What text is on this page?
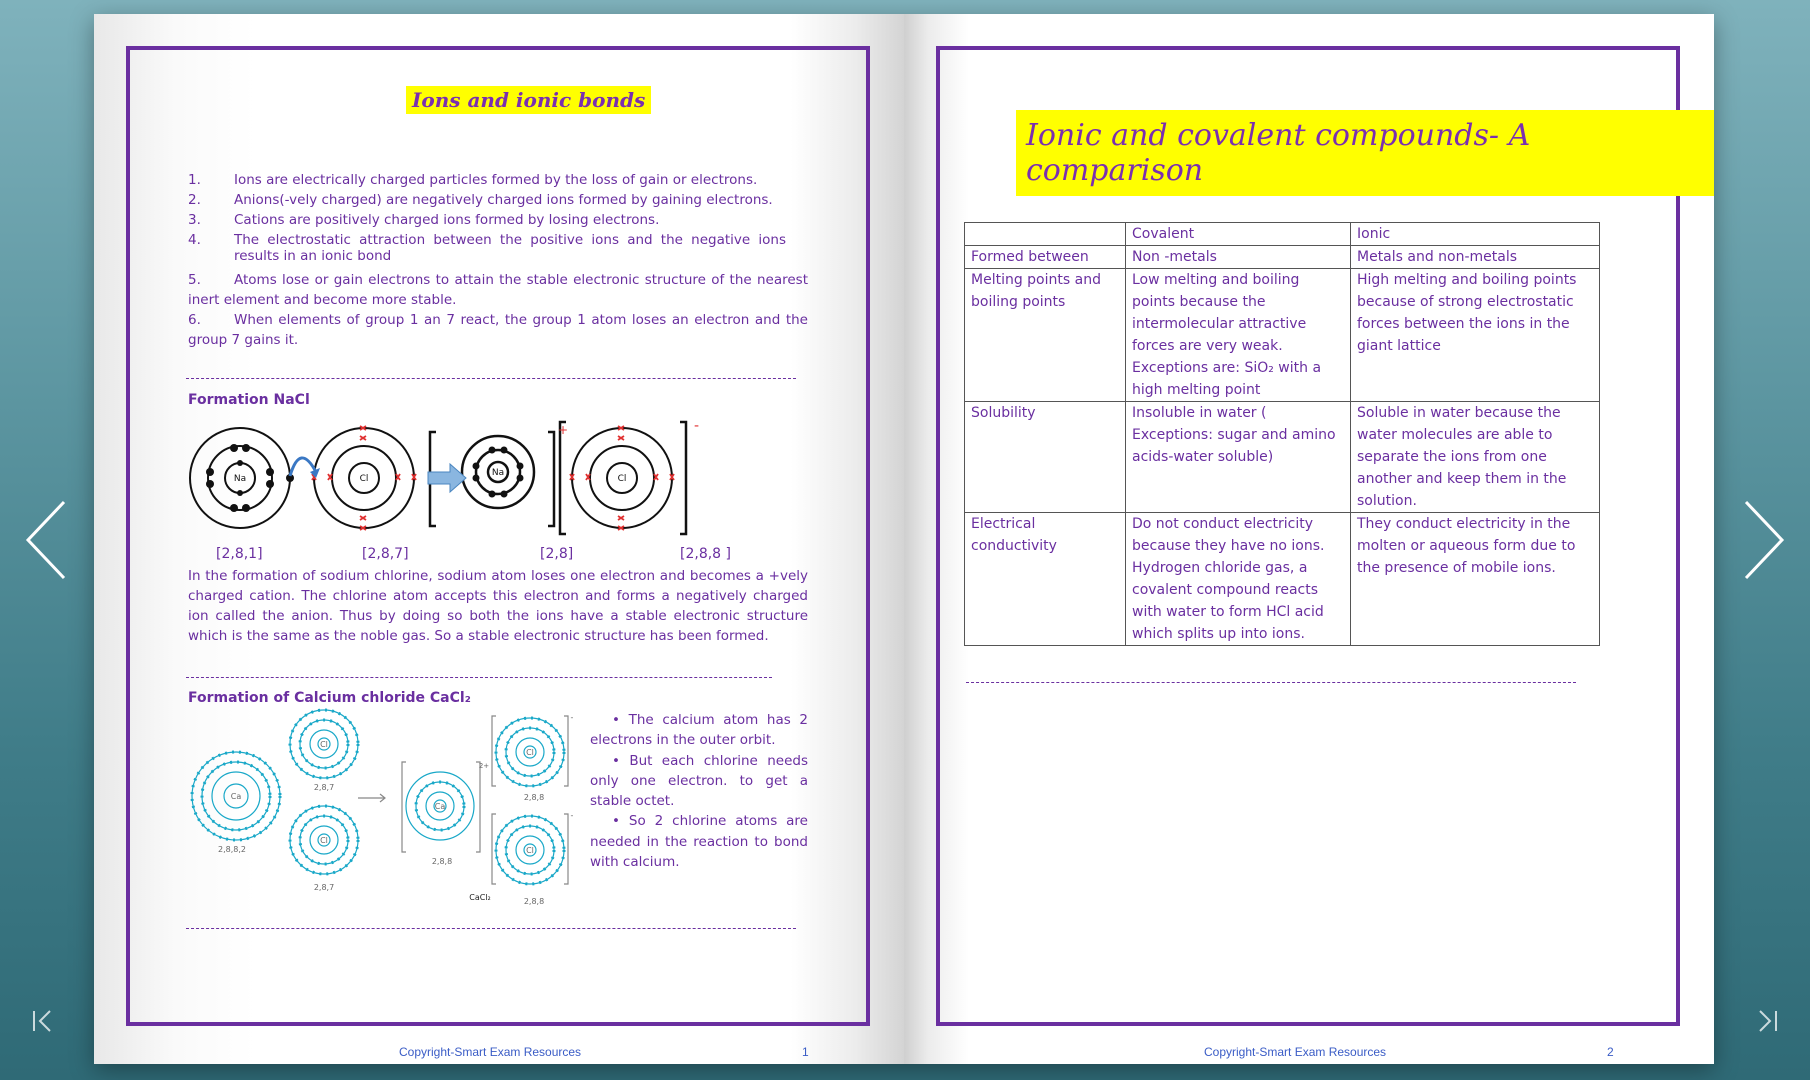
Ions and ionic bonds
1.	Ions are electrically charged particles formed by the loss of gain or electrons.
2.	Anions(-vely charged) are negatively charged ions formed by gaining electrons.
3.	Cations are positively charged ions formed by losing electrons.
4.	The electrostatic attraction between the positive ions and the negative ions results in an ionic bond
5. Atoms lose or gain electrons to attain the stable electronic structure of the nearest inert element and become more stable.
6. When elements of group 1 an 7 react, the group 1 atom loses an electron and the group 7 gains it.
Formation NaCl
Na	Cl
Na
Cl
+	-
[2,8,1]	[2,8,7]	[2,8]	[2,8,8 ]
In the formation of sodium chlorine, sodium atom loses one electron and becomes a +vely charged cation. The chlorine atom accepts this electron and forms a negatively charged ion called the anion. Thus by doing so both the ions have a stable electronic structure which is the same as the noble gas. So a stable electronic structure has been formed.
Formation of Calcium chloride CaCl₂
Ca
Cl
Cl
Ca
Cl
Cl
2,8,8,2
2,8,7
2,8,7
2,8,8
2,8,8
2,8,8
2+
-
-
CaCl₂

• The calcium atom has 2 electrons in the outer orbit.

• But each chlorine needs only one electron. to get a stable octet.

• So 2 chlorine atoms are needed in the reaction to bond with calcium.

Copyright-Smart Exam Resources	1
Ionic and covalent compounds- A comparison
	Covalent	Ionic
Formed between	Non -metals	Metals and non-metals
Melting points and boiling points	Low melting and boiling points because the intermolecular attractive forces are very weak. Exceptions are: SiO₂ with a high melting point	High melting and boiling points because of strong electrostatic forces between the ions in the giant lattice
Solubility	Insoluble in water ( Exceptions: sugar and amino acids-water soluble)	Soluble in water because the water molecules are able to separate the ions from one another and keep them in the solution.
Electrical conductivity	Do not conduct electricity because they have no ions. Hydrogen chloride gas, a covalent compound reacts with water to form HCl acid which splits up into ions.	They conduct electricity in the molten or aqueous form due to the presence of mobile ions.
Copyright-Smart Exam Resources	2
